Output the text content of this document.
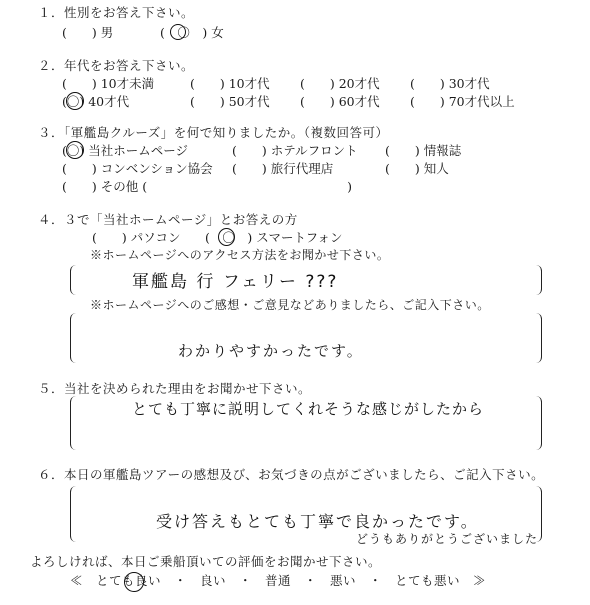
１．性別をお答え下さい。
(　　) 男	(　〇　) 女
２．年代をお答え下さい。
(　　) 10才未満	(　　) 10才代 (　　) 20才代 (　　) 30才代
(〇) 40才代	(　　) 50才代 (　　) 60才代 (　　) 70才代以上
３．「軍艦島クルーズ」を何で知りましたか。（複数回答可）
(〇) 当社ホームページ	(　　) ホテルフロント (　　) 情報誌
(　　) コンベンション協会 (　　) 旅行代理店	(　　) 知人
(　　) その他 (　　　　　　　　　　　　　　　　)
４．３で「当社ホームページ」とお答えの方
(　　) パソコン (　〇　) スマートフォン
※ホームページへのアクセス方法をお聞かせ下さい。
軍艦島 行 フェリー ???
※ホームページへのご感想・ご意見などありましたら、ご記入下さい。
わかりやすかったです。
５．当社を決められた理由をお聞かせ下さい。
とても丁寧に説明してくれそうな感じがしたから
６．本日の軍艦島ツアーの感想及び、お気づきの点がございましたら、ご記入下さい。
受け答えもとても丁寧で良かったです。
どうもありがとうございました
よろしければ、本日ご乗船頂いての評価をお聞かせ下さい。
≪　とても良い　・　良い　・　普通　・　悪い　・　とても悪い　≫
